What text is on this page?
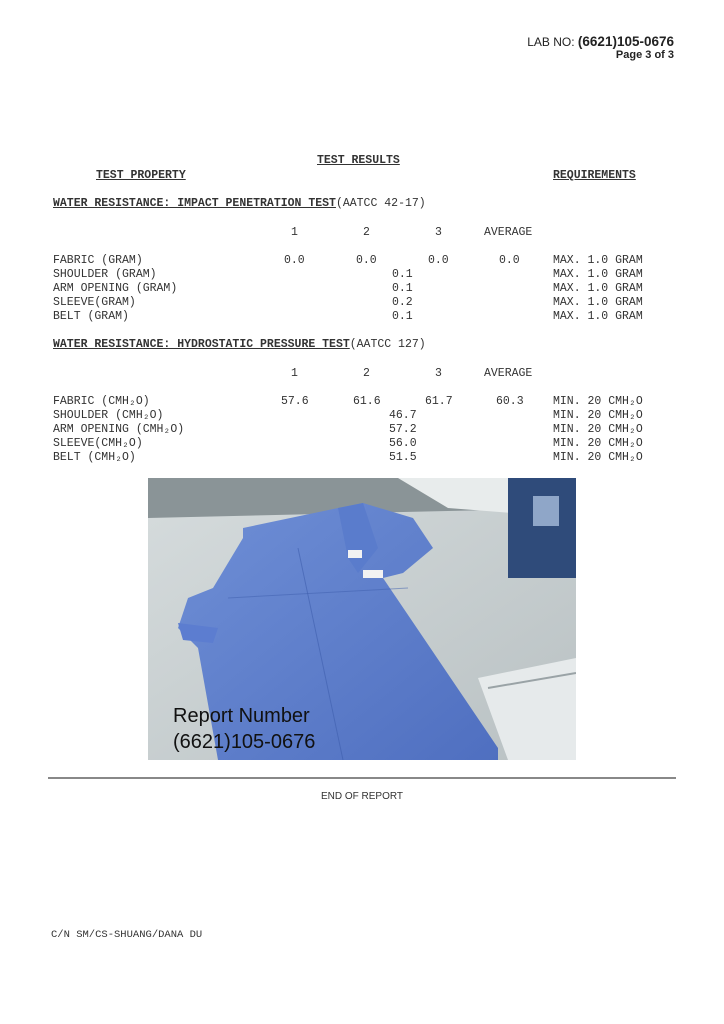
LAB NO: (6621)105-0676
Page 3 of 3
TEST RESULTS
TEST PROPERTY	REQUIREMENTS
WATER RESISTANCE: IMPACT PENETRATION TEST(AATCC 42-17)
1	2	3	AVERAGE
FABRIC (GRAM)	0.0	0.0	0.0	0.0	MAX. 1.0 GRAM
SHOULDER (GRAM)	0.1	MAX. 1.0 GRAM
ARM OPENING (GRAM)	0.1	MAX. 1.0 GRAM
SLEEVE(GRAM)	0.2	MAX. 1.0 GRAM
BELT (GRAM)	0.1	MAX. 1.0 GRAM
WATER RESISTANCE: HYDROSTATIC PRESSURE TEST(AATCC 127)
1	2	3	AVERAGE
FABRIC (CMH₂O)	57.6	61.6	61.7	60.3	MIN. 20 CMH₂O
SHOULDER (CMH₂O)	46.7	MIN. 20 CMH₂O
ARM OPENING (CMH₂O)	57.2	MIN. 20 CMH₂O
SLEEVE(CMH₂O)	56.0	MIN. 20 CMH₂O
BELT (CMH₂O)	51.5	MIN. 20 CMH₂O
Report Number
(6621)105-0676
END OF REPORT
C/N SM/CS-SHUANG/DANA DU
